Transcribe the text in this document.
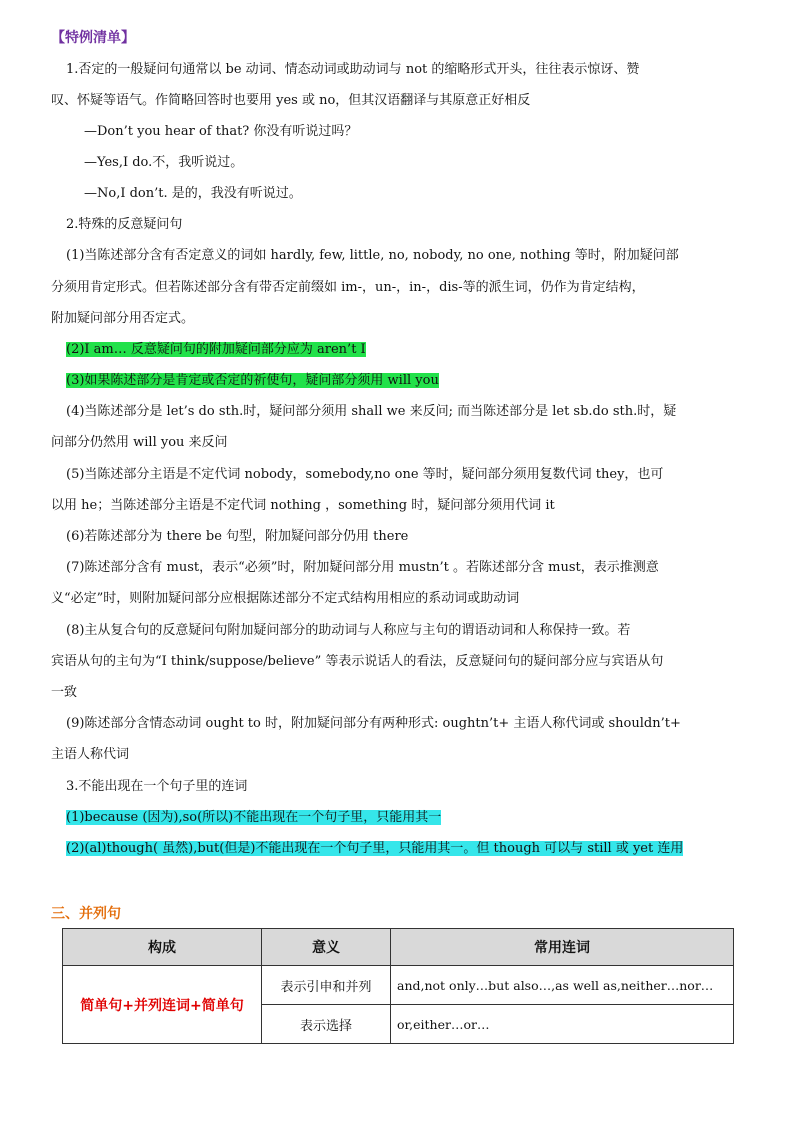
【特例清单】
1.否定的一般疑问句通常以 be 动词、情态动词或助动词与 not 的缩略形式开头，往往表示惊讶、赞
叹、怀疑等语气。作简略回答时也要用 yes 或 no，但其汉语翻译与其原意正好相反
—Don’t you hear of that? 你没有听说过吗？
—Yes,I do.不，我听说过。
—No,I don’t. 是的，我没有听说过。
2.特殊的反意疑问句
(1)当陈述部分含有否定意义的词如 hardly, few, little, no, nobody, no one, nothing 等时，附加疑问部
分须用肯定形式。但若陈述部分含有带否定前缀如 im-，un-，in-，dis-等的派生词，仍作为肯定结构，
附加疑问部分用否定式。
(2)I am… 反意疑问句的附加疑问部分应为 aren’t I
(3)如果陈述部分是肯定或否定的祈使句，疑问部分须用 will you
(4)当陈述部分是 let’s do sth.时，疑问部分须用 shall we 来反问; 而当陈述部分是 let sb.do sth.时，疑
问部分仍然用 will you 来反问
(5)当陈述部分主语是不定代词 nobody，somebody,no one 等时，疑问部分须用复数代词 they，也可
以用 he；当陈述部分主语是不定代词 nothing ，something 时，疑问部分须用代词 it
(6)若陈述部分为 there be 句型，附加疑问部分仍用 there
(7)陈述部分含有 must，表示“必须”时，附加疑问部分用 mustn’t 。若陈述部分含 must，表示推测意
义“必定”时，则附加疑问部分应根据陈述部分不定式结构用相应的系动词或助动词
(8)主从复合句的反意疑问句附加疑问部分的助动词与人称应与主句的谓语动词和人称保持一致。若
宾语从句的主句为“I think/suppose/believe” 等表示说话人的看法，反意疑问句的疑问部分应与宾语从句
一致
(9)陈述部分含情态动词 ought to 时，附加疑问部分有两种形式: oughtn’t+ 主语人称代词或 shouldn’t+
主语人称代词
3.不能出现在一个句子里的连词
(1)because (因为),so(所以)不能出现在一个句子里，只能用其一
(2)(al)though( 虽然),but(但是)不能出现在一个句子里，只能用其一。但 though 可以与 still 或 yet 连用
三、并列句
构成	意义	常用连词
简单句+并列连词+简单句	表示引申和并列	and,not only…but also…,as well as,neither…nor…
	表示选择	or,either…or…
